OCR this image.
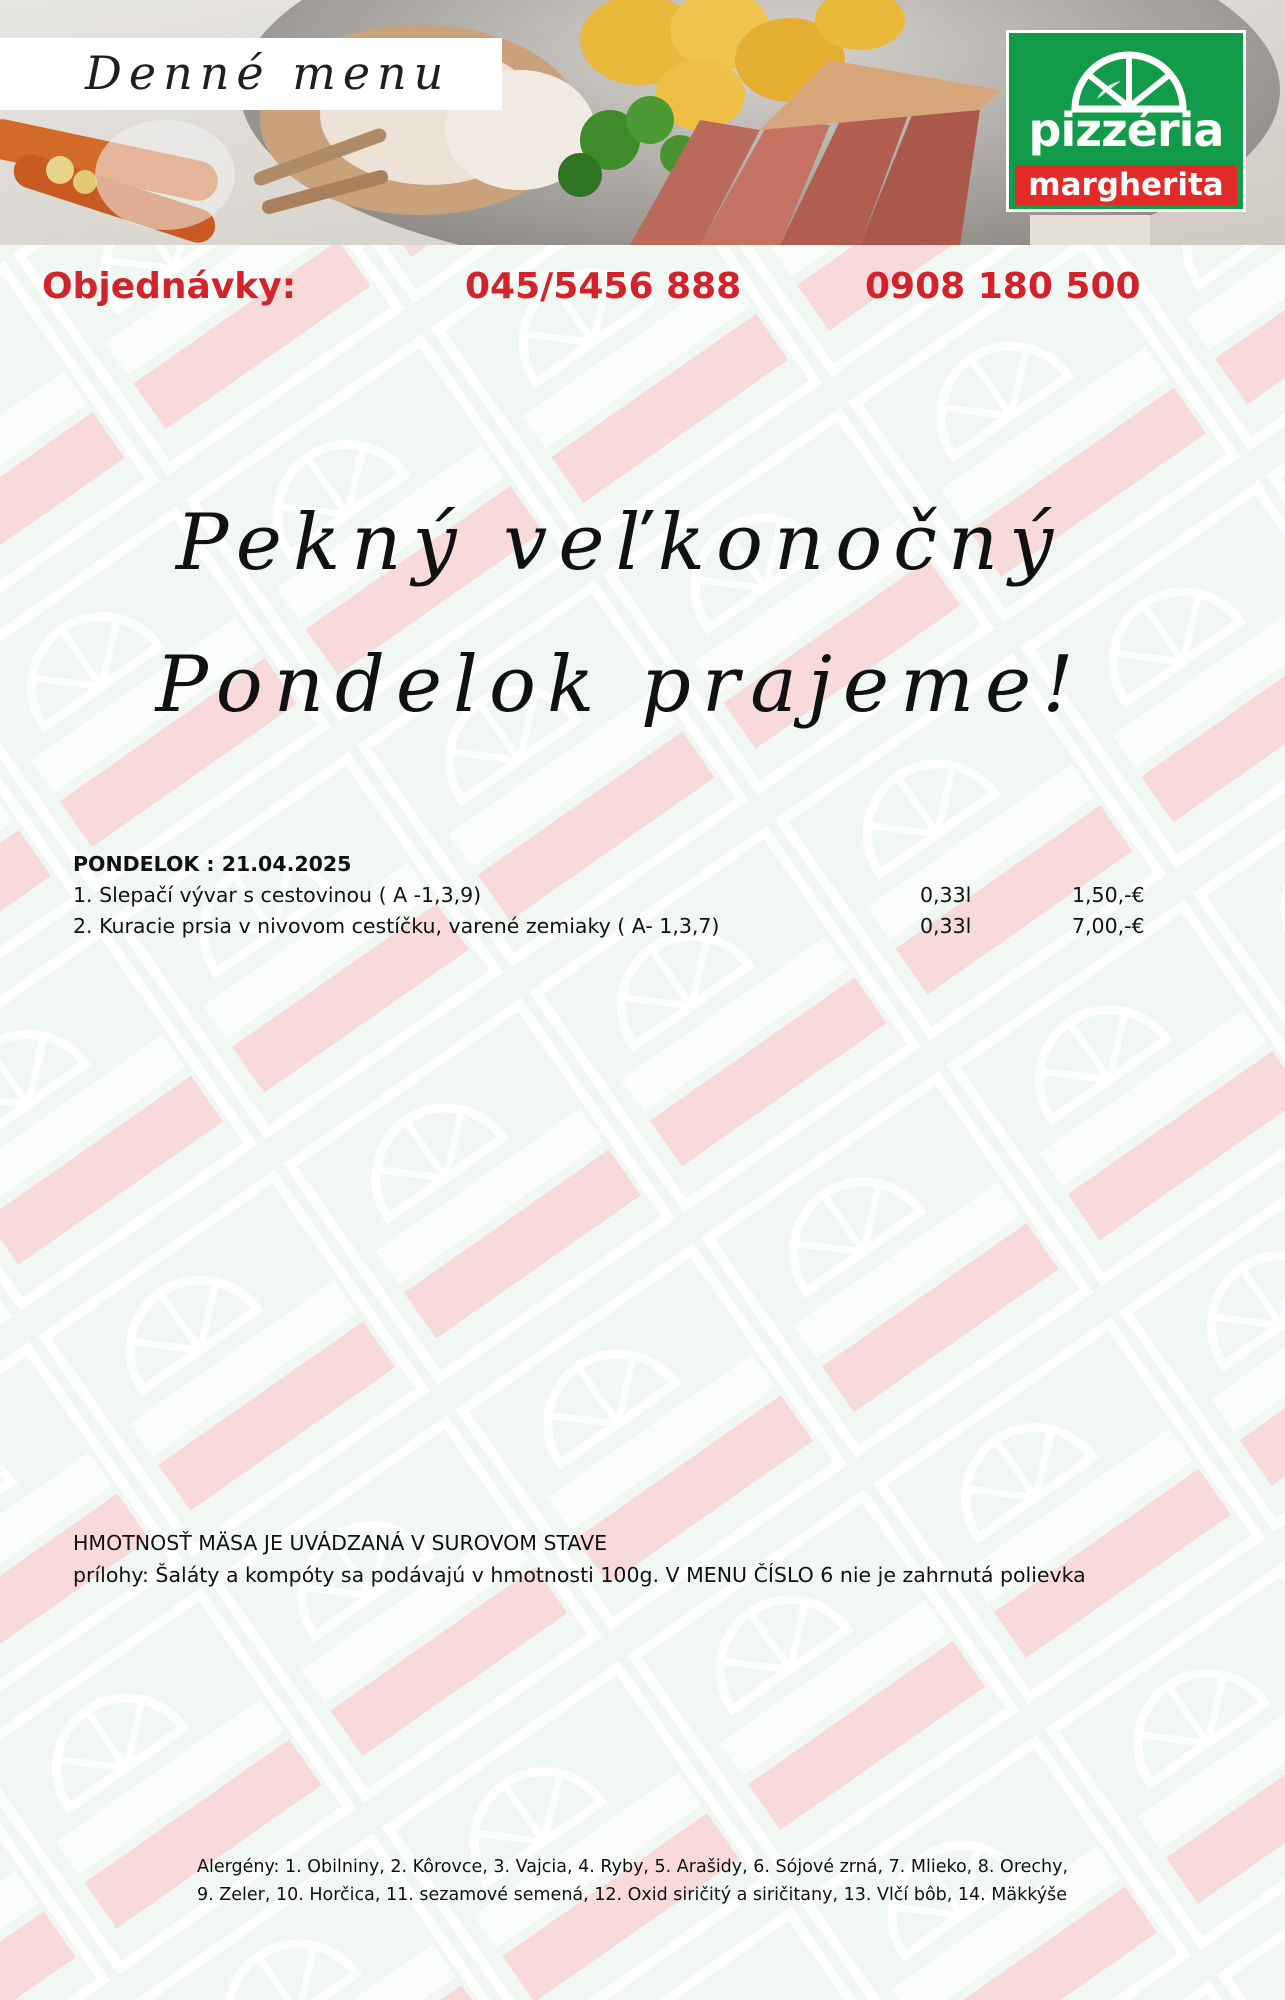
Denné menu
pizzéria
margherita
Objednávky:	045/5456 888	0908 180 500
Pekný veľkonočný
Pondelok prajeme!
PONDELOK : 21.04.2025
1. Slepačí vývar s cestovinou ( A -1,3,9)	0,33l	1,50,-€
2. Kuracie prsia v nivovom cestíčku, varené zemiaky ( A- 1,3,7)	0,33l	7,00,-€
HMOTNOSŤ MÄSA JE UVÁDZANÁ V SUROVOM STAVE
prílohy: Šaláty a kompóty sa podávajú v hmotnosti 100g. V MENU ČÍSLO 6 nie je zahrnutá polievka
Alergény: 1. Obilniny, 2. Kôrovce, 3. Vajcia, 4. Ryby, 5. Arašidy, 6. Sójové zrná, 7. Mlieko, 8. Orechy,
9. Zeler, 10. Horčica, 11. sezamové semená, 12. Oxid siričitý a siričitany, 13. Vlčí bôb, 14. Mäkkýše
